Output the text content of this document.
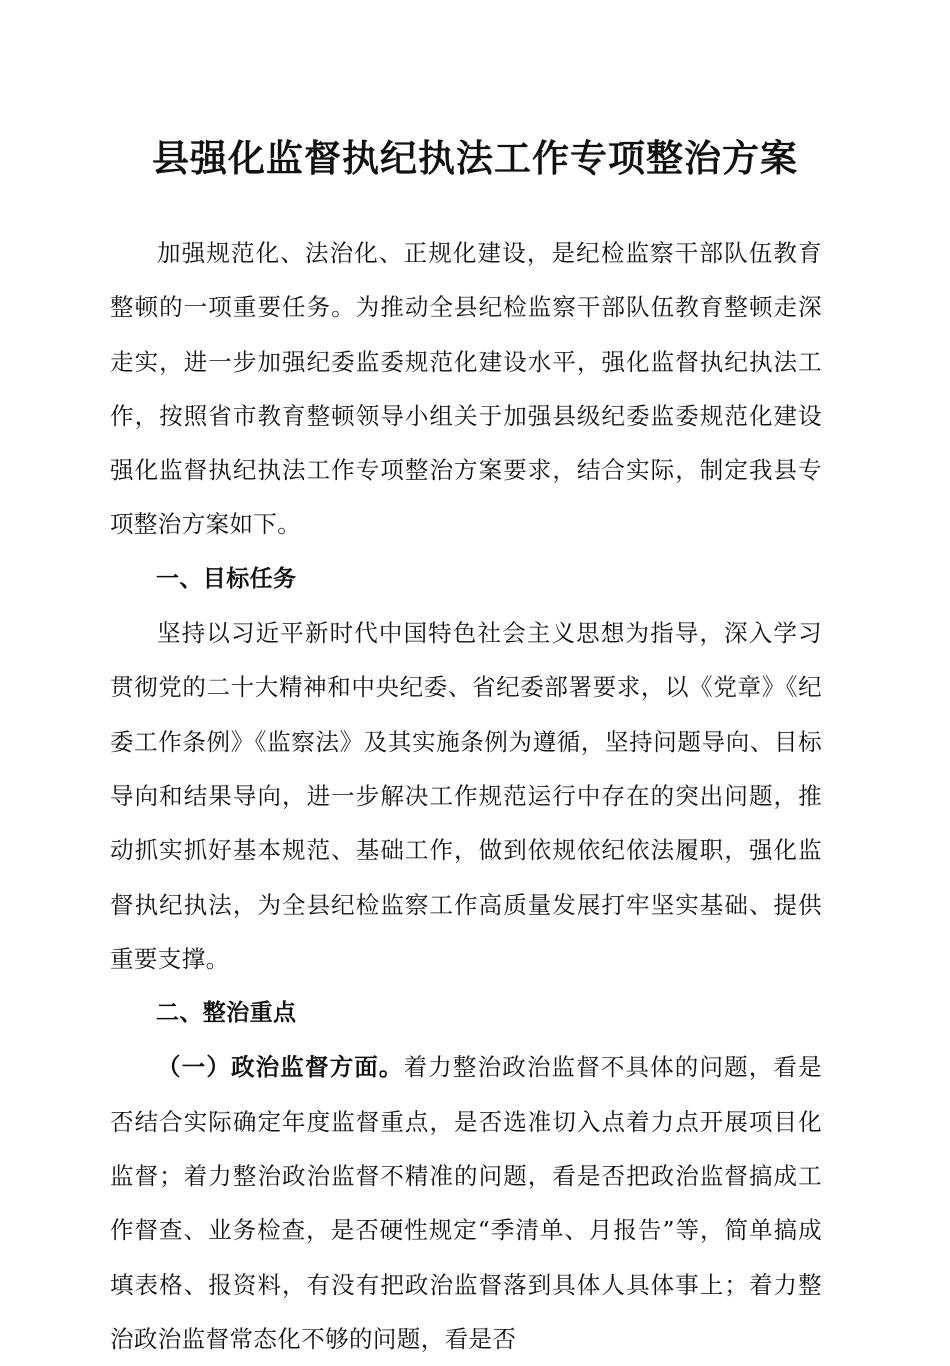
县强化监督执纪执法工作专项整治方案

加强规范化、法治化、正规化建设，是纪检监察干部队伍教育整顿的一项重要任务。为推动全县纪检监察干部队伍教育整顿走深走实，进一步加强纪委监委规范化建设水平，强化监督执纪执法工作，按照省市教育整顿领导小组关于加强县级纪委监委规范化建设强化监督执纪执法工作专项整治方案要求，结合实际，制定我县专项整治方案如下。

一、目标任务

坚持以习近平新时代中国特色社会主义思想为指导，深入学习贯彻党的二十大精神和中央纪委、省纪委部署要求，以《党章》《纪委工作条例》《监察法》及其实施条例为遵循，坚持问题导向、目标导向和结果导向，进一步解决工作规范运行中存在的突出问题，推动抓实抓好基本规范、基础工作，做到依规依纪依法履职，强化监督执纪执法，为全县纪检监察工作高质量发展打牢坚实基础、提供重要支撑。

二、整治重点

（一）政治监督方面。着力整治政治监督不具体的问题，看是否结合实际确定年度监督重点，是否选准切入点着力点开展项目化监督；着力整治政治监督不精准的问题，看是否把政治监督搞成工作督查、业务检查，是否硬性规定“季清单、月报告”等，简单搞成填表格、报资料，有没有把政治监督落到具体人具体事上；着力整治政治监督常态化不够的问题，看是否
